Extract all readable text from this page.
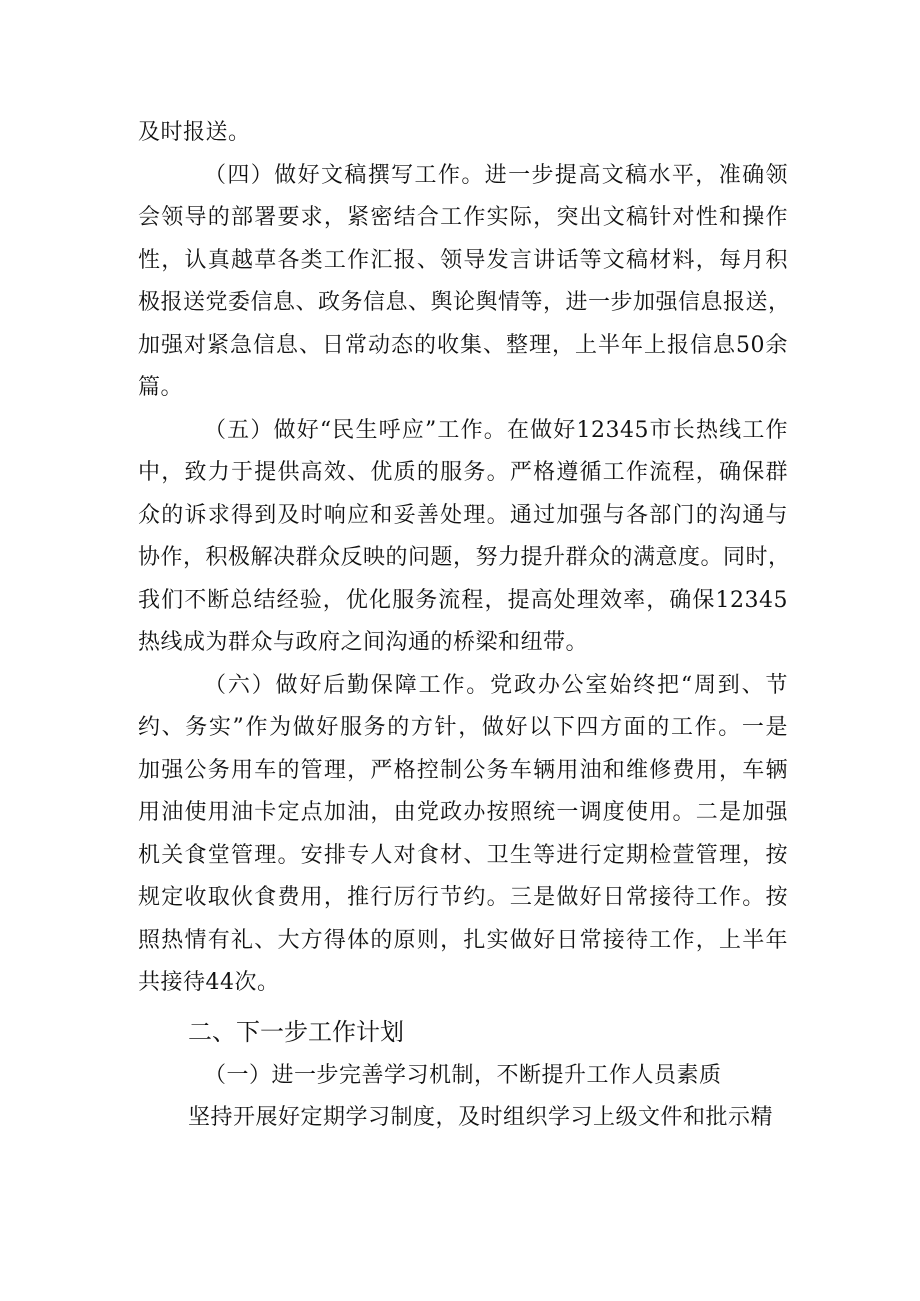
及时报送。
（四）做好文稿撰写工作。进一步提高文稿水平，准确领
会领导的部署要求，紧密结合工作实际，突出文稿针对性和操作
性，认真越草各类工作汇报、领导发言讲话等文稿材料，每月积
极报送党委信息、政务信息、舆论舆情等，进一步加强信息报送，
加强对紧急信息、日常动态的收集、整理，上半年上报信息50余
篇。
（五）做好“民生呼应”工作。在做好12345市长热线工作
中，致力于提供高效、优质的服务。严格遵循工作流程，确保群
众的诉求得到及时响应和妥善处理。通过加强与各部门的沟通与
协作，积极解决群众反映的问题，努力提升群众的满意度。同时，
我们不断总结经验，优化服务流程，提高处理效率，确保12345
热线成为群众与政府之间沟通的桥梁和纽带。
（六）做好后勤保障工作。党政办公室始终把“周到、节
约、务实”作为做好服务的方针，做好以下四方面的工作。一是
加强公务用车的管理，严格控制公务车辆用油和维修费用，车辆
用油使用油卡定点加油，由党政办按照统一调度使用。二是加强
机关食堂管理。安排专人对食材、卫生等进行定期检萱管理，按
规定收取伙食费用，推行厉行节约。三是做好日常接待工作。按
照热情有礼、大方得体的原则，扎实做好日常接待工作，上半年
共接待44次。
二、下一步工作计划
（一）进一步完善学习机制，不断提升工作人员素质
坚持开展好定期学习制度，及时组织学习上级文件和批示精
